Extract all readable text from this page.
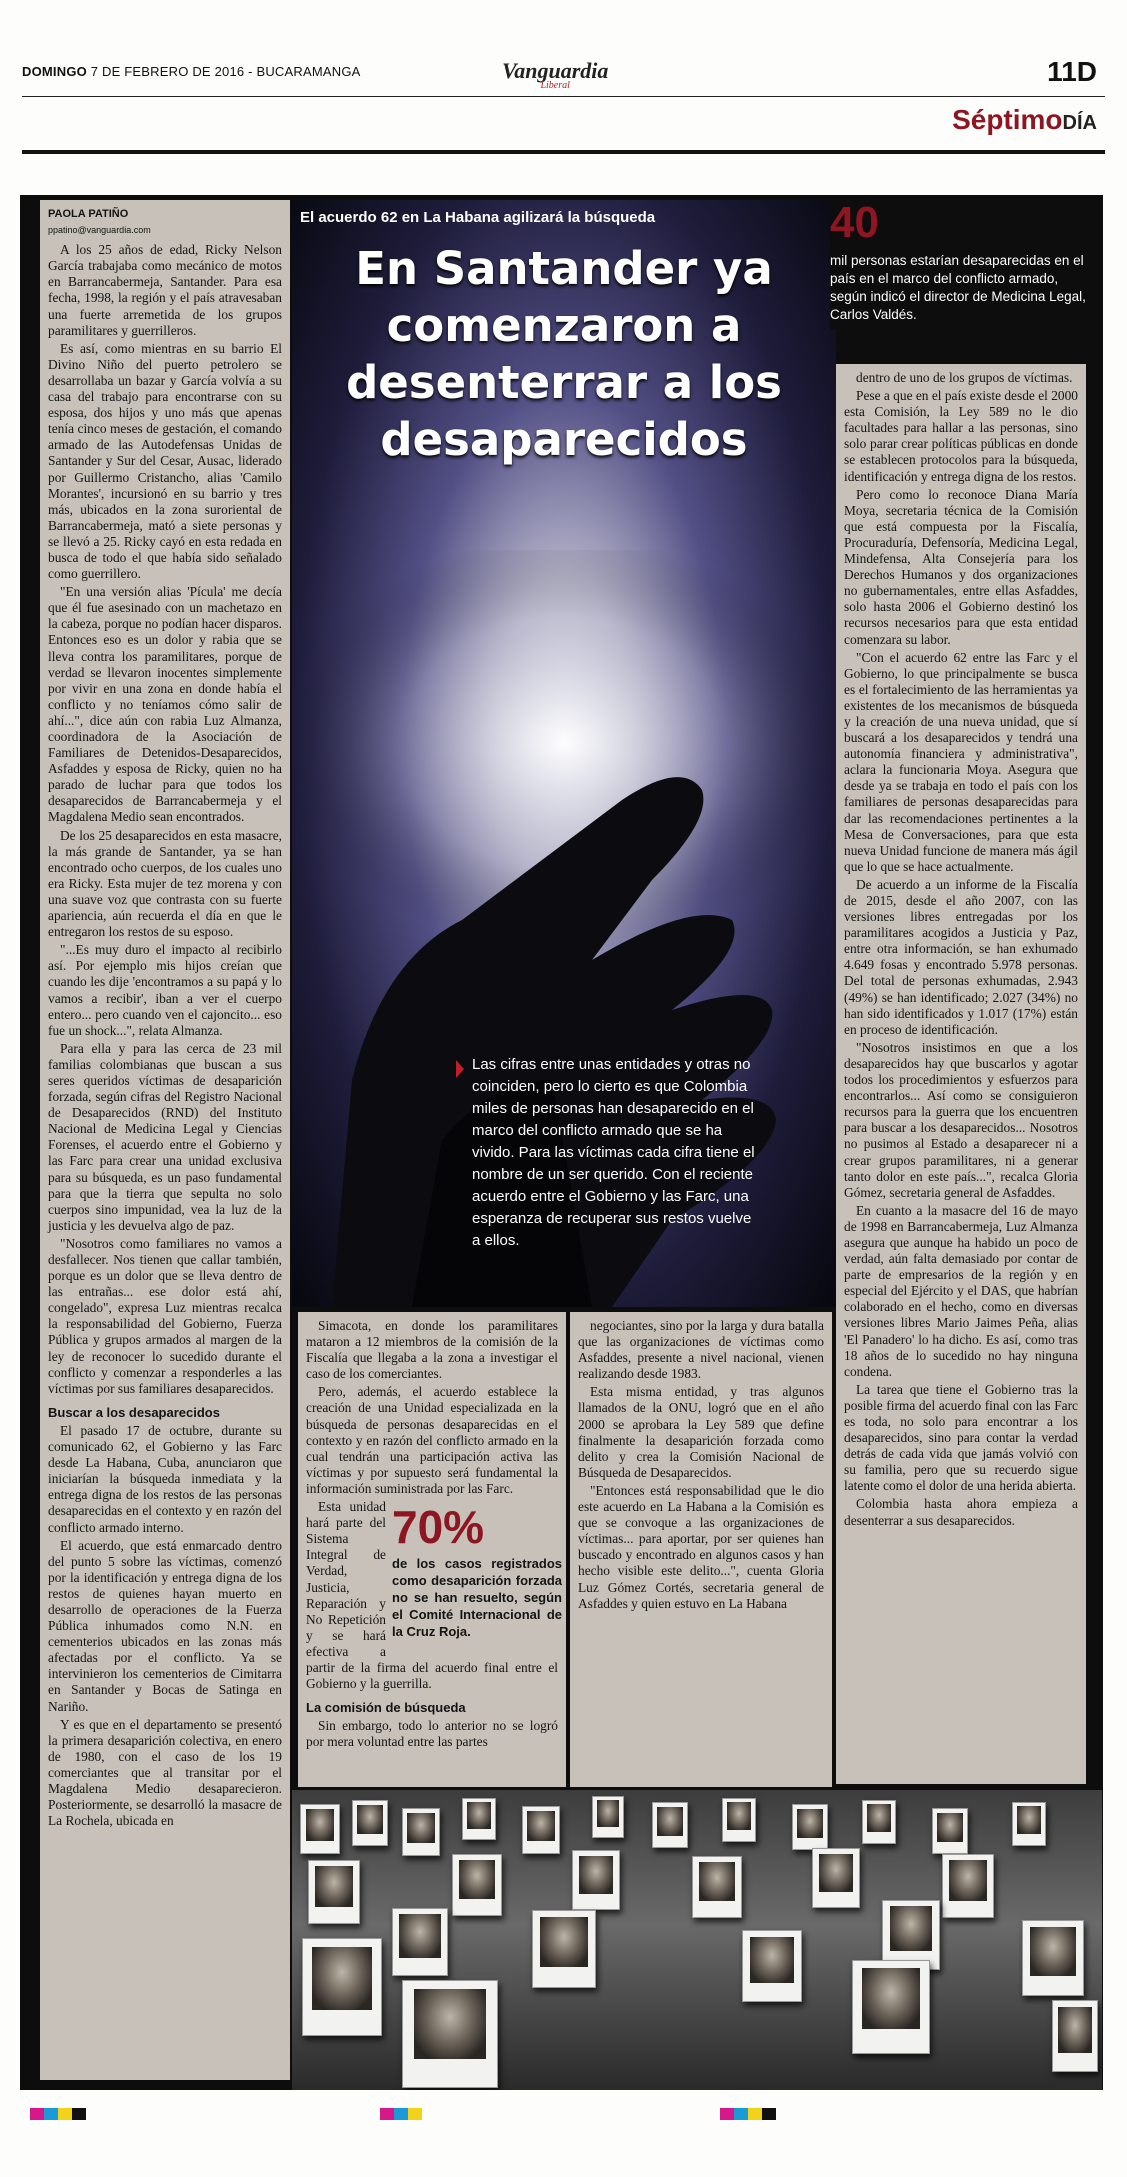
DOMINGO 7 DE FEBRERO DE 2016 - BUCARAMANGA	Vanguardia
Liberal	11D
SéptimoDÍA
El acuerdo 62 en La Habana agilizará la búsqueda
En Santander ya comenzaron a desenterrar a los desaparecidos
Las cifras entre unas entidades y otras no coinciden, pero lo cierto es que Colombia miles de personas han desaparecido en el marco del conflicto armado que se ha vivido. Para las víctimas cada cifra tiene el nombre de un ser querido. Con el reciente acuerdo entre el Gobierno y las Farc, una esperanza de recuperar sus restos vuelve a ellos.
40
mil personas estarían desaparecidas en el país en el marco del conflicto armado, según indicó el director de Medicina Legal, Carlos Valdés.
PAOLA PATIÑO
ppatino@vanguardia.com

A los 25 años de edad, Ricky Nelson García trabajaba como mecánico de motos en Barrancabermeja, Santander. Para esa fecha, 1998, la región y el país atravesaban una fuerte arremetida de los grupos paramilitares y guerrilleros.

Es así, como mientras en su barrio El Divino Niño del puerto petrolero se desarrollaba un bazar y García volvía a su casa del trabajo para encontrarse con su esposa, dos hijos y uno más que apenas tenía cinco meses de gestación, el comando armado de las Autodefensas Unidas de Santander y Sur del Cesar, Ausac, liderado por Guillermo Cristancho, alias 'Camilo Morantes', incursionó en su barrio y tres más, ubicados en la zona suroriental de Barrancabermeja, mató a siete personas y se llevó a 25. Ricky cayó en esta redada en busca de todo el que había sido señalado como guerrillero.

"En una versión alias 'Pícula' me decía que él fue asesinado con un machetazo en la cabeza, porque no podían hacer disparos. Entonces eso es un dolor y rabia que se lleva contra los paramilitares, porque de verdad se llevaron inocentes simplemente por vivir en una zona en donde había el conflicto y no teníamos cómo salir de ahí...", dice aún con rabia Luz Almanza, coordinadora de la Asociación de Familiares de Detenidos-Desaparecidos, Asfaddes y esposa de Ricky, quien no ha parado de luchar para que todos los desaparecidos de Barrancabermeja y el Magdalena Medio sean encontrados.

De los 25 desaparecidos en esta masacre, la más grande de Santander, ya se han encontrado ocho cuerpos, de los cuales uno era Ricky. Esta mujer de tez morena y con una suave voz que contrasta con su fuerte apariencia, aún recuerda el día en que le entregaron los restos de su esposo.

"...Es muy duro el impacto al recibirlo así. Por ejemplo mis hijos creían que cuando les dije 'encontramos a su papá y lo vamos a recibir', iban a ver el cuerpo entero... pero cuando ven el cajoncito... eso fue un shock...", relata Almanza.

Para ella y para las cerca de 23 mil familias colombianas que buscan a sus seres queridos víctimas de desaparición forzada, según cifras del Registro Nacional de Desaparecidos (RND) del Instituto Nacional de Medicina Legal y Ciencias Forenses, el acuerdo entre el Gobierno y las Farc para crear una unidad exclusiva para su búsqueda, es un paso fundamental para que la tierra que sepulta no solo cuerpos sino impunidad, vea la luz de la justicia y les devuelva algo de paz.

"Nosotros como familiares no vamos a desfallecer. Nos tienen que callar también, porque es un dolor que se lleva dentro de las entrañas... ese dolor está ahí, congelado", expresa Luz mientras recalca la responsabilidad del Gobierno, Fuerza Pública y grupos armados al margen de la ley de reconocer lo sucedido durante el conflicto y comenzar a responderles a las víctimas por sus familiares desaparecidos.

Buscar a los desaparecidos

El pasado 17 de octubre, durante su comunicado 62, el Gobierno y las Farc desde La Habana, Cuba, anunciaron que iniciarían la búsqueda inmediata y la entrega digna de los restos de las personas desaparecidas en el contexto y en razón del conflicto armado interno.

El acuerdo, que está enmarcado dentro del punto 5 sobre las víctimas, comenzó por la identificación y entrega digna de los restos de quienes hayan muerto en desarrollo de operaciones de la Fuerza Pública inhumados como N.N. en cementerios ubicados en las zonas más afectadas por el conflicto. Ya se intervinieron los cementerios de Cimitarra en Santander y Bocas de Satinga en Nariño.

Y es que en el departamento se presentó la primera desaparición colectiva, en enero de 1980, con el caso de los 19 comerciantes que al transitar por el Magdalena Medio desaparecieron. Posteriormente, se desarrolló la masacre de La Rochela, ubicada en

Simacota, en donde los paramilitares mataron a 12 miembros de la comisión de la Fiscalía que llegaba a la zona a investigar el caso de los comerciantes.

Pero, además, el acuerdo establece la creación de una Unidad especializada en la búsqueda de personas desaparecidas en el contexto y en razón del conflicto armado en la cual tendrán una participación activa las víctimas y por supuesto será fundamental la información suministrada por las Farc.

70%
de los casos registrados como desaparición forzada no se han resuelto, según el Comité Internacional de la Cruz Roja.

Esta unidad hará parte del Sistema Integral de Verdad, Justicia, Reparación y No Repetición y se hará efectiva a partir de la firma del acuerdo final entre el Gobierno y la guerrilla.

La comisión de búsqueda

Sin embargo, todo lo anterior no se logró por mera voluntad entre las partes

negociantes, sino por la larga y dura batalla que las organizaciones de víctimas como Asfaddes, presente a nivel nacional, vienen realizando desde 1983.

Esta misma entidad, y tras algunos llamados de la ONU, logró que en el año 2000 se aprobara la Ley 589 que define finalmente la desaparición forzada como delito y crea la Comisión Nacional de Búsqueda de Desaparecidos.

"Entonces está responsabilidad que le dio este acuerdo en La Habana a la Comisión es que se convoque a las organizaciones de víctimas... para aportar, por ser quienes han buscado y encontrado en algunos casos y han hecho visible este delito...", cuenta Gloria Luz Gómez Cortés, secretaria general de Asfaddes y quien estuvo en La Habana

dentro de uno de los grupos de víctimas.

Pese a que en el país existe desde el 2000 esta Comisión, la Ley 589 no le dio facultades para hallar a las personas, sino solo parar crear políticas públicas en donde se establecen protocolos para la búsqueda, identificación y entrega digna de los restos.

Pero como lo reconoce Diana María Moya, secretaria técnica de la Comisión que está compuesta por la Fiscalía, Procuraduría, Defensoría, Medicina Legal, Mindefensa, Alta Consejería para los Derechos Humanos y dos organizaciones no gubernamentales, entre ellas Asfaddes, solo hasta 2006 el Gobierno destinó los recursos necesarios para que esta entidad comenzara su labor.

"Con el acuerdo 62 entre las Farc y el Gobierno, lo que principalmente se busca es el fortalecimiento de las herramientas ya existentes de los mecanismos de búsqueda y la creación de una nueva unidad, que sí buscará a los desaparecidos y tendrá una autonomía financiera y administrativa", aclara la funcionaria Moya. Asegura que desde ya se trabaja en todo el país con los familiares de personas desaparecidas para dar las recomendaciones pertinentes a la Mesa de Conversaciones, para que esta nueva Unidad funcione de manera más ágil que lo que se hace actualmente.

De acuerdo a un informe de la Fiscalía de 2015, desde el año 2007, con las versiones libres entregadas por los paramilitares acogidos a Justicia y Paz, entre otra información, se han exhumado 4.649 fosas y encontrado 5.978 personas. Del total de personas exhumadas, 2.943 (49%) se han identificado; 2.027 (34%) no han sido identificados y 1.017 (17%) están en proceso de identificación.

"Nosotros insistimos en que a los desaparecidos hay que buscarlos y agotar todos los procedimientos y esfuerzos para encontrarlos... Así como se consiguieron recursos para la guerra que los encuentren para buscar a los desaparecidos... Nosotros no pusimos al Estado a desaparecer ni a crear grupos paramilitares, ni a generar tanto dolor en este país...", recalca Gloria Gómez, secretaria general de Asfaddes.

En cuanto a la masacre del 16 de mayo de 1998 en Barrancabermeja, Luz Almanza asegura que aunque ha habido un poco de verdad, aún falta demasiado por contar de parte de empresarios de la región y en especial del Ejército y el DAS, que habrían colaborado en el hecho, como en diversas versiones libres Mario Jaimes Peña, alias 'El Panadero' lo ha dicho. Es así, como tras 18 años de lo sucedido no hay ninguna condena.

La tarea que tiene el Gobierno tras la posible firma del acuerdo final con las Farc es toda, no solo para encontrar a los desaparecidos, sino para contar la verdad detrás de cada vida que jamás volvió con su familia, pero que su recuerdo sigue latente como el dolor de una herida abierta.

Colombia hasta ahora empieza a desenterrar a sus desaparecidos.
